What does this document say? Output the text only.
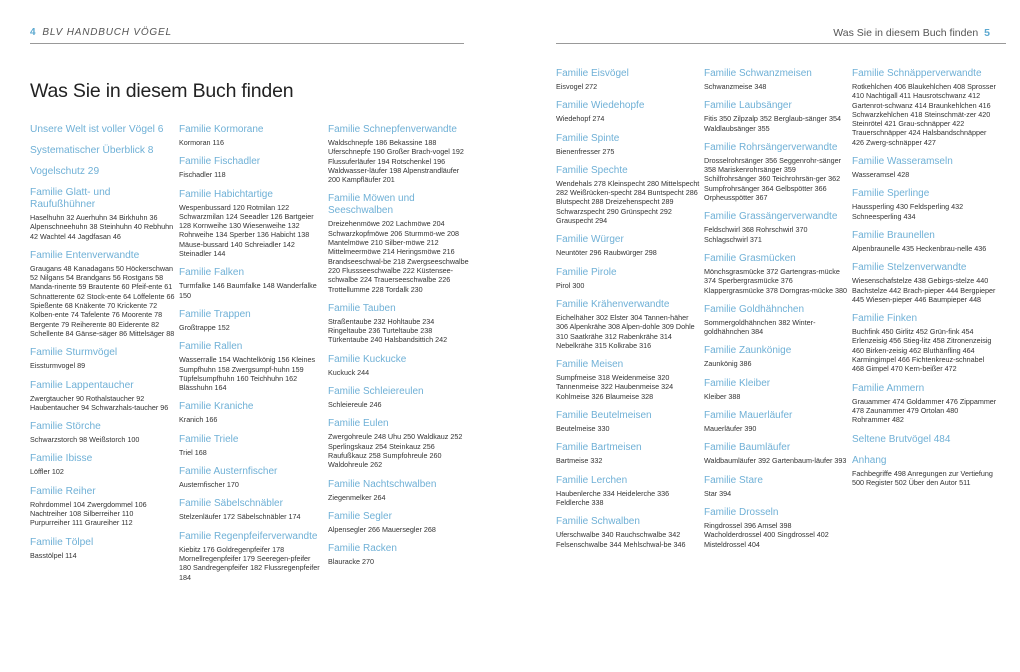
4 BLV HANDBUCH VÖGEL
Was Sie in diesem Buch finden
Unsere Welt ist voller Vögel 6
Systematischer Überblick 8
Vogelschutz 29
Familie Glatt- und Raufußhühner
Haselhuhn 32 Auerhuhn 34 Birkhuhn 36 Alpenschneehuhn 38 Steinhuhn 40 Rebhuhn 42 Wachtel 44 Jagdfasan 46
Familie Entenverwandte
Graugans 48 Kanadagans 50 Höckerschwan 52 Nilgans 54 Brandgans 56 Rostgans 58 Manda-rinente 59 Brautente 60 Pfeif-ente 61 Schnatterente 62 Stock-ente 64 Löffelente 66 Spießente 68 Knäkente 70 Krickente 72 Kolben-ente 74 Tafelente 76 Moorente 78 Bergente 79 Reiherente 80 Eiderente 82 Schellente 84 Gänse-säger 86 Mittelsäger 88
Familie Sturmvögel
Eissturmvogel 89
Familie Lappentaucher
Zwergtaucher 90 Rothalstaucher 92 Haubentaucher 94 Schwarzhals-taucher 96
Familie Störche
Schwarzstorch 98 Weißstorch 100
Familie Ibisse
Löffler 102
Familie Reiher
Rohrdommel 104 Zwergdommel 106 Nachtreiher 108 Silberreiher 110 Purpurreiher 111 Graureiher 112
Familie Tölpel
Basstölpel 114
Familie Kormorane
Kormoran 116
Familie Fischadler
Fischadler 118
Familie Habichtartige
Wespenbussard 120 Rotmilan 122 Schwarzmilan 124 Seeadler 126 Bartgeier 128 Kornweihe 130 Wiesenweihe 132 Rohrweihe 134 Sperber 136 Habicht 138 Mäuse-bussard 140 Schreiadler 142 Steinadler 144
Familie Falken
Turmfalke 146 Baumfalke 148 Wanderfalke 150
Familie Trappen
Großtrappe 152
Familie Rallen
Wasserralle 154 Wachtelkönig 156 Kleines Sumpfhuhn 158 Zwergsumpf-huhn 159 Tüpfelsumpfhuhn 160 Teichhuhn 162 Blässhuhn 164
Familie Kraniche
Kranich 166
Familie Triele
Triel 168
Familie Austernfischer
Austernfischer 170
Familie Säbelschnäbler
Stelzenläufer 172 Säbelschnäbler 174
Familie Regenpfeiferverwandte
Kiebitz 176 Goldregenpfeifer 178 Mornellregenpfeifer 179 Seeregen-pfeifer 180 Sandregenpfeifer 182 Flussregenpfeifer 184
Familie Schnepfenverwandte
Waldschnepfe 186 Bekassine 188 Uferschnepfe 190 Großer Brach-vogel 192 Flussuferläufer 194 Rotschenkel 196 Waldwasser-läufer 198 Alpenstrandläufer 200 Kampfläufer 201
Familie Möwen und Seeschwalben
Dreizehenmöwe 202 Lachmöwe 204 Schwarzkopfmöwe 206 Sturmmö-we 208 Mantelmöwe 210 Silber-möwe 212 Mittelmeermöwe 214 Heringsmöwe 216 Brandseeschwal-be 218 Zwergseeschwalbe 220 Flussseeschwalbe 222 Küstensee-schwalbe 224 Trauerseeschwalbe 226 Trottellumme 228 Tordalk 230
Familie Tauben
Straßentaube 232 Hohltaube 234 Ringeltaube 236 Turteltaube 238 Türkentaube 240 Halsbandsittich 242
Familie Kuckucke
Kuckuck 244
Familie Schleiereulen
Schleiereule 246
Familie Eulen
Zwergohreule 248 Uhu 250 Waldkauz 252 Sperlingskauz 254 Steinkauz 256 Raufußkauz 258 Sumpfohreule 260 Waldohreule 262
Familie Nachtschwalben
Ziegenmelker 264
Familie Segler
Alpensegler 266 Mauersegler 268
Familie Racken
Blauracke 270
Was Sie in diesem Buch finden 5
Familie Eisvögel
Eisvogel 272
Familie Wiedehopfe
Wiedehopf 274
Familie Spinte
Bienenfresser 275
Familie Spechte
Wendehals 278 Kleinspecht 280 Mittelspecht 282 Weißrücken-specht 284 Buntspecht 286 Blutspecht 288 Dreizehenspecht 289 Schwarzspecht 290 Grünspecht 292 Grauspecht 294
Familie Würger
Neuntöter 296 Raubwürger 298
Familie Pirole
Pirol 300
Familie Krähenverwandte
Eichelhäher 302 Elster 304 Tannen-häher 306 Alpenkrähe 308 Alpen-dohle 309 Dohle 310 Saatkrähe 312 Rabenkrähe 314 Nebelkrähe 315 Kolkrabe 316
Familie Meisen
Sumpfmeise 318 Weidenmeise 320 Tannenmeise 322 Haubenmeise 324 Kohlmeise 326 Blaumeise 328
Familie Beutelmeisen
Beutelmeise 330
Familie Bartmeisen
Bartmeise 332
Familie Lerchen
Haubenlerche 334 Heidelerche 336 Feldlerche 338
Familie Schwalben
Uferschwalbe 340 Rauchschwalbe 342 Felsenschwalbe 344 Mehlschwal-be 346
Familie Schwanzmeisen
Schwanzmeise 348
Familie Laubsänger
Fitis 350 Zilpzalp 352 Berglaub-sänger 354 Waldlaubsänger 355
Familie Rohrsängerverwandte
Drosselrohrsänger 356 Seggenrohr-sänger 358 Mariskenrohrsänger 359 Schilfrohrsänger 360 Teichrohrsän-ger 362 Sumpfrohrsänger 364 Gelbspötter 366 Orpheusspötter 367
Familie Grassängerverwandte
Feldschwirl 368 Rohrschwirl 370 Schlagschwirl 371
Familie Grasmücken
Mönchsgrasmücke 372 Gartengras-mücke 374 Sperbergrasmücke 376 Klappergrasmücke 378 Dorngras-mücke 380
Familie Goldhähnchen
Sommergoldhähnchen 382 Winter-goldhähnchen 384
Familie Zaunkönige
Zaunkönig 386
Familie Kleiber
Kleiber 388
Familie Mauerläufer
Mauerläufer 390
Familie Baumläufer
Waldbaumläufer 392 Gartenbaum-läufer 393
Familie Stare
Star 394
Familie Drosseln
Ringdrossel 396 Amsel 398 Wacholderdrossel 400 Singdrossel 402 Misteldrossel 404
Familie Schnäpperverwandte
Rotkehlchen 406 Blaukehlchen 408 Sprosser 410 Nachtigall 411 Hausrotschwanz 412 Gartenrot-schwanz 414 Braunkehlchen 416 Schwarzkehlchen 418 Steinschmät-zer 420 Steinrötel 421 Grau-schnäpper 422 Trauerschnäpper 424 Halsbandschnäpper 426 Zwerg-schnäpper 427
Familie Wasseramseln
Wasseramsel 428
Familie Sperlinge
Haussperling 430 Feldsperling 432 Schneesperling 434
Familie Braunellen
Alpenbraunelle 435 Heckenbrau-nelle 436
Familie Stelzenverwandte
Wiesenschafstelze 438 Gebirgs-stelze 440 Bachstelze 442 Brach-pieper 444 Bergpieper 445 Wiesen-pieper 446 Baumpieper 448
Familie Finken
Buchfink 450 Girlitz 452 Grün-fink 454 Erlenzeisig 456 Stieg-litz 458 Zitronenzeisig 460 Birken-zeisig 462 Bluthänfling 464 Karmingimpel 466 Fichtenkreuz-schnabel 468 Gimpel 470 Kern-beißer 472
Familie Ammern
Grauammer 474 Goldammer 476 Zippammer 478 Zaunammer 479 Ortolan 480 Rohrammer 482
Seltene Brutvögel 484
Anhang
Fachbegriffe 498 Anregungen zur Vertiefung 500 Register 502 Über den Autor 511
